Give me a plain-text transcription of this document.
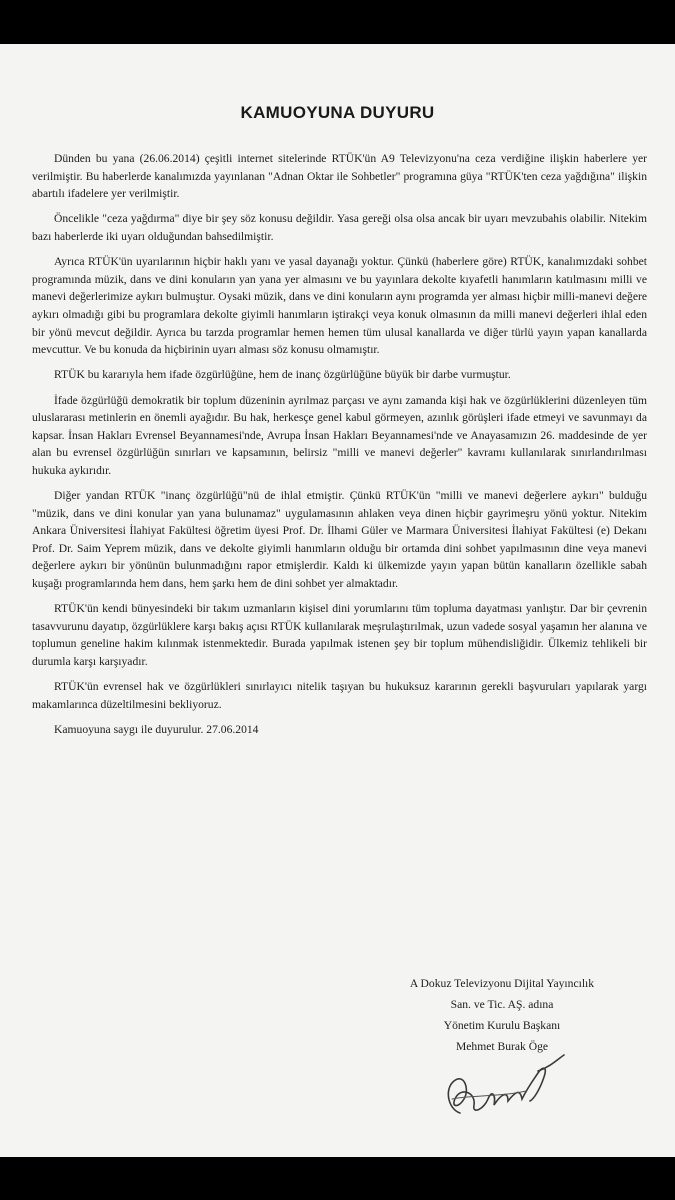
KAMUOYUNA DUYURU

Dünden bu yana (26.06.2014) çeşitli internet sitelerinde RTÜK'ün A9 Televizyonu'na ceza verdiğine ilişkin haberlere yer verilmiştir. Bu haberlerde kanalımızda yayınlanan "Adnan Oktar ile Sohbetler" programına güya "RTÜK'ten ceza yağdığına" ilişkin abartılı ifadelere yer verilmiştir.

Öncelikle "ceza yağdırma" diye bir şey söz konusu değildir. Yasa gereği olsa olsa ancak bir uyarı mevzubahis olabilir. Nitekim bazı haberlerde iki uyarı olduğundan bahsedilmiştir.

Ayrıca RTÜK'ün uyarılarının hiçbir haklı yanı ve yasal dayanağı yoktur. Çünkü (haberlere göre) RTÜK, kanalımızdaki sohbet programında müzik, dans ve dini konuların yan yana yer almasını ve bu yayınlara dekolte kıyafetli hanımların katılmasını milli ve manevi değerlerimize aykırı bulmuştur. Oysaki müzik, dans ve dini konuların aynı programda yer alması hiçbir milli-manevi değere aykırı olmadığı gibi bu programlara dekolte giyimli hanımların iştirakçi veya konuk olmasının da milli manevi değerleri ihlal eden bir yönü mevcut değildir. Ayrıca bu tarzda programlar hemen hemen tüm ulusal kanallarda ve diğer türlü yayın yapan kanallarda mevcuttur. Ve bu konuda da hiçbirinin uyarı alması söz konusu olmamıştır.

RTÜK bu kararıyla hem ifade özgürlüğüne, hem de inanç özgürlüğüne büyük bir darbe vurmuştur.

İfade özgürlüğü demokratik bir toplum düzeninin ayrılmaz parçası ve aynı zamanda kişi hak ve özgürlüklerini düzenleyen tüm uluslararası metinlerin en önemli ayağıdır. Bu hak, herkesçe genel kabul görmeyen, azınlık görüşleri ifade etmeyi ve savunmayı da kapsar. İnsan Hakları Evrensel Beyannamesi'nde, Avrupa İnsan Hakları Beyannamesi'nde ve Anayasamızın 26. maddesinde de yer alan bu evrensel özgürlüğün sınırları ve kapsamının, belirsiz "milli ve manevi değerler" kavramı kullanılarak sınırlandırılması hukuka aykırıdır.

Diğer yandan RTÜK "inanç özgürlüğü"nü de ihlal etmiştir. Çünkü RTÜK'ün "milli ve manevi değerlere aykırı" bulduğu "müzik, dans ve dini konular yan yana bulunamaz" uygulamasının ahlaken veya dinen hiçbir gayrimeşru yönü yoktur. Nitekim Ankara Üniversitesi İlahiyat Fakültesi öğretim üyesi Prof. Dr. İlhami Güler ve Marmara Üniversitesi İlahiyat Fakültesi (e) Dekanı Prof. Dr. Saim Yeprem müzik, dans ve dekolte giyimli hanımların olduğu bir ortamda dini sohbet yapılmasının dine veya manevi değerlere aykırı bir yönünün bulunmadığını rapor etmişlerdir. Kaldı ki ülkemizde yayın yapan bütün kanalların özellikle sabah kuşağı programlarında hem dans, hem şarkı hem de dini sohbet yer almaktadır.

RTÜK'ün kendi bünyesindeki bir takım uzmanların kişisel dini yorumlarını tüm topluma dayatması yanlıştır. Dar bir çevrenin tasavvurunu dayatıp, özgürlüklere karşı bakış açısı RTÜK kullanılarak meşrulaştırılmak, uzun vadede sosyal yaşamın her alanına ve toplumun geneline hakim kılınmak istenmektedir. Burada yapılmak istenen şey bir toplum mühendisliğidir. Ülkemiz tehlikeli bir durumla karşı karşıyadır.

RTÜK'ün evrensel hak ve özgürlükleri sınırlayıcı nitelik taşıyan bu hukuksuz kararının gerekli başvuruları yapılarak yargı makamlarınca düzeltilmesini bekliyoruz.

Kamuoyuna saygı ile duyurulur. 27.06.2014

A Dokuz Televizyonu Dijital Yayıncılık
San. ve Tic. AŞ. adına
Yönetim Kurulu Başkanı
Mehmet Burak Öge
